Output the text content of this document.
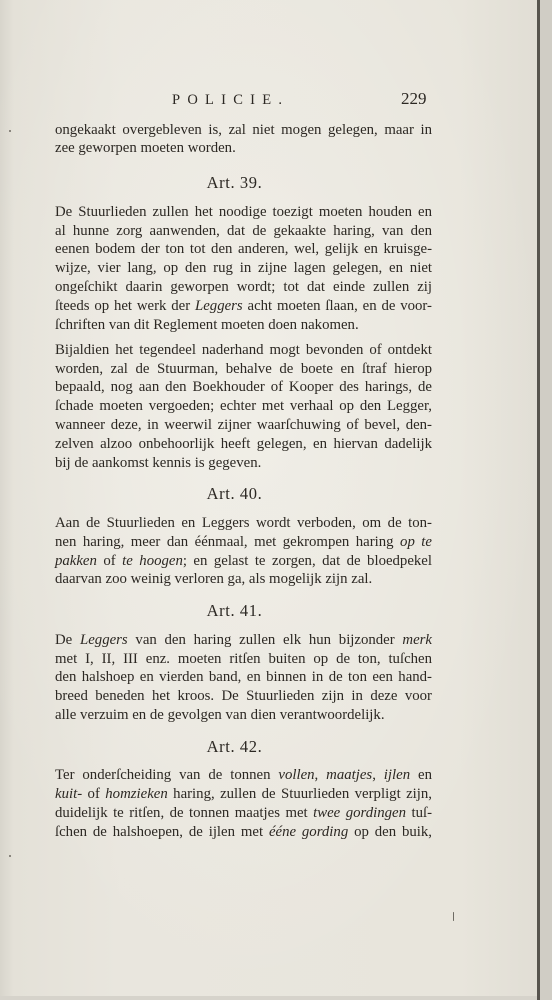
POLICIE.	229
ongekaakt overgebleven is, zal niet mogen gelegen, maar in
zee geworpen moeten worden.
Art. 39.
De Stuurlieden zullen het noodige toezigt moeten houden en
al hunne zorg aanwenden, dat de gekaakte haring, van den
eenen bodem der ton tot den anderen, wel, gelijk en kruisge-
wijze, vier lang, op den rug in zijne lagen gelegen, en niet
ongeſchikt daarin geworpen wordt; tot dat einde zullen zij
ſteeds op het werk der Leggers acht moeten ſlaan, en de voor-
ſchriften van dit Reglement moeten doen nakomen.
Bijaldien het tegendeel naderhand mogt bevonden of ontdekt
worden, zal de Stuurman, behalve de boete en ſtraf hierop
bepaald, nog aan den Boekhouder of Kooper des harings, de
ſchade moeten vergoeden; echter met verhaal op den Legger,
wanneer deze, in weerwil zijner waarſchuwing of bevel, den-
zelven alzoo onbehoorlijk heeft gelegen, en hiervan dadelijk
bij de aankomst kennis is gegeven.
Art. 40.
Aan de Stuurlieden en Leggers wordt verboden, om de ton-
nen haring, meer dan éénmaal, met gekrompen haring op te
pakken of te hoogen; en gelast te zorgen, dat de bloedpekel
daarvan zoo weinig verloren ga, als mogelijk zijn zal.
Art. 41.
De Leggers van den haring zullen elk hun bijzonder merk
met I, II, III enz. moeten ritſen buiten op de ton, tuſchen
den halshoep en vierden band, en binnen in de ton een hand-
breed beneden het kroos. De Stuurlieden zijn in deze voor
alle verzuim en de gevolgen van dien verantwoordelijk.
Art. 42.
Ter onderſcheiding van de tonnen vollen, maatjes, ijlen en
kuit- of homzieken haring, zullen de Stuurlieden verpligt zijn,
duidelijk te ritſen, de tonnen maatjes met twee gordingen tuſ-
ſchen de halshoepen, de ijlen met ééne gording op den buik,
